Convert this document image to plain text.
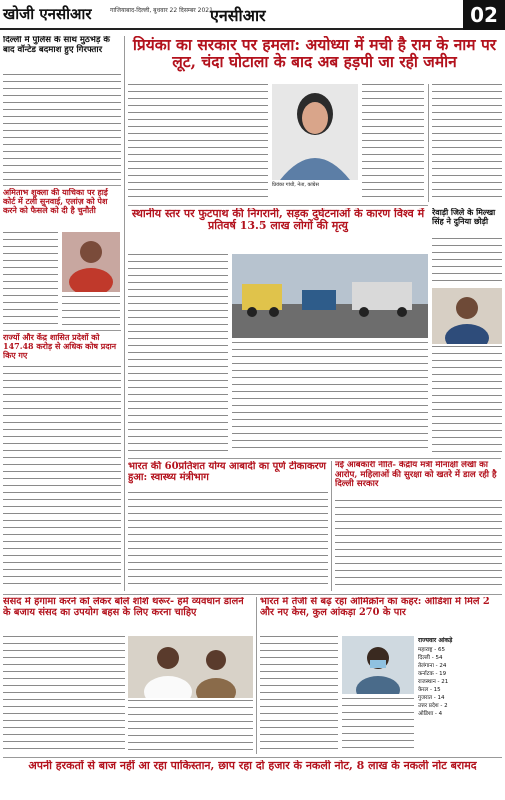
खोजी एनसीआर	गाजियाबाद-दिल्ली, बुधवार 22 दिसम्बर 2021
एनसीआर	02
दिल्ली में पुलिस के साथ मुठभेड़ के बाद वॉन्टेड बदमाश हुए गिरफ्तार
अमिताभ शुक्ला की याचिका पर हाई कोर्ट में टली सुनवाई, एलांज़ को पेश करने को फैसले को दी है चुनौती
राज्यों और केंद्र शासित प्रदेशों को 147.48 करोड़ से अधिक कोष प्रदान किए गए
प्रियंका का सरकार पर हमला: अयोध्या में मची है राम के नाम पर लूट, चंदा घोटाला के बाद अब हड़पी जा रही जमीन
प्रियंका गांधी, नेता, कांग्रेस
स्थानीय स्तर पर फुटपाथ की निगरानी, सड़क दुर्घटनाओं के कारण विश्व में प्रतिवर्ष 13.5 लाख लोगों की मृत्यु
रेवाड़ी जिले के मिल्खा सिंह ने दुनिया छोड़ी
भारत की 60प्रतिशत योग्य आबादी का पूर्ण टीकाकरण हुआ: स्वास्थ्य मंत्रीभाग
नई आबकारी नीति- केंद्रीय मंत्री मीनाक्षी लेखी का आरोप, महिलाओं की सुरक्षा को खतरे में डाल रही है दिल्ली सरकार
संसद में हंगामा करने को लेकर बोले शशि थरूर- हमें व्यवधान डालने के बजाय संसद का उपयोग बहस के लिए करना चाहिए
भारत में तेजी से बढ़ रहा ओमिक्रॉन का कहर: ओडिशा में मिले 2 और नए केस, कुल आंकड़ा 270 के पार
राज्यवार आंकड़े
महाराष्ट्र - 65
दिल्ली - 54
तेलंगाना - 24
कर्नाटक - 19
राजस्थान - 21
केरल - 15
गुजरात - 14
उत्तर प्रदेश - 2
ओडिशा - 4
अपनी हरकतों से बाज नहीं आ रहा पाकिस्तान, छाप रहा दो हजार के नकली नोट, 8 लाख के नकली नोट बरामद
